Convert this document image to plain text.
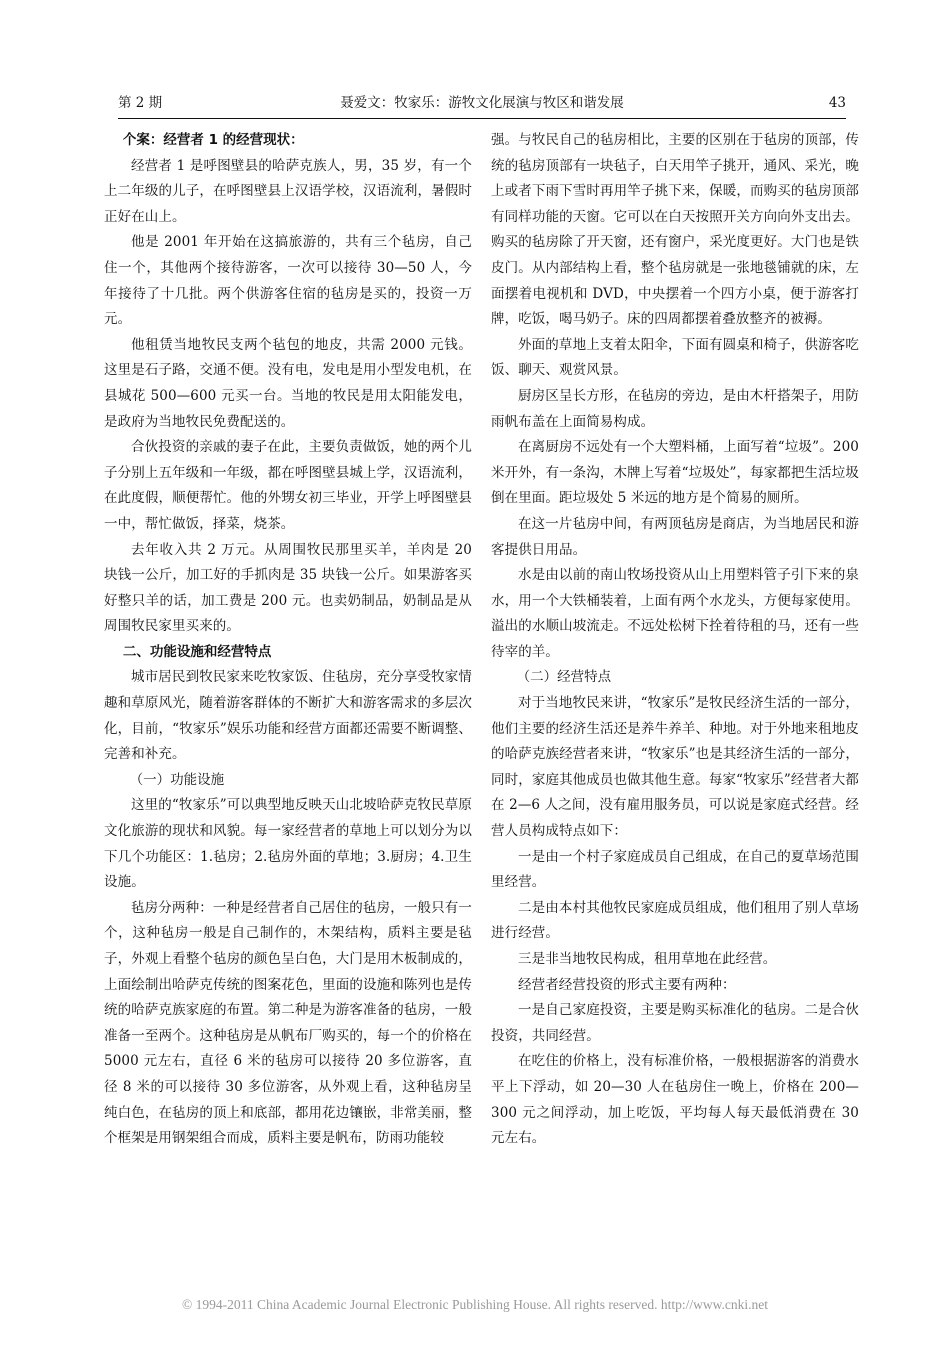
第 2 期	聂爱文：牧家乐：游牧文化展演与牧区和谐发展	43
个案：经营者 1 的经营现状：

经营者 1 是呼图壁县的哈萨克族人，男，35 岁，有一个上二年级的儿子，在呼图壁县上汉语学校，汉语流利，暑假时正好在山上。

他是 2001 年开始在这搞旅游的，共有三个毡房，自己住一个，其他两个接待游客，一次可以接待 30—50 人，今年接待了十几批。两个供游客住宿的毡房是买的，投资一万元。

他租赁当地牧民支两个毡包的地皮，共需 2000 元钱。这里是石子路，交通不便。没有电，发电是用小型发电机，在县城花 500—600 元买一台。当地的牧民是用太阳能发电，是政府为当地牧民免费配送的。

合伙投资的亲戚的妻子在此，主要负责做饭，她的两个儿子分别上五年级和一年级，都在呼图壁县城上学，汉语流利，在此度假，顺便帮忙。他的外甥女初三毕业，开学上呼图壁县一中，帮忙做饭，择菜，烧茶。

去年收入共 2 万元。从周围牧民那里买羊，羊肉是 20 块钱一公斤，加工好的手抓肉是 35 块钱一公斤。如果游客买好整只羊的话，加工费是 200 元。也卖奶制品，奶制品是从周围牧民家里买来的。

二、功能设施和经营特点

城市居民到牧民家来吃牧家饭、住毡房，充分享受牧家情趣和草原风光，随着游客群体的不断扩大和游客需求的多层次化，目前，“牧家乐”娱乐功能和经营方面都还需要不断调整、完善和补充。

（一）功能设施

这里的“牧家乐”可以典型地反映天山北坡哈萨克牧民草原文化旅游的现状和风貌。每一家经营者的草地上可以划分为以下几个功能区：1.毡房；2.毡房外面的草地；3.厨房；4.卫生设施。

毡房分两种：一种是经营者自己居住的毡房，一般只有一个，这种毡房一般是自己制作的，木架结构，质料主要是毡子，外观上看整个毡房的颜色呈白色，大门是用木板制成的，上面绘制出哈萨克传统的图案花色，里面的设施和陈列也是传统的哈萨克族家庭的布置。第二种是为游客准备的毡房，一般准备一至两个。这种毡房是从帆布厂购买的，每一个的价格在 5000 元左右，直径 6 米的毡房可以接待 20 多位游客，直径 8 米的可以接待 30 多位游客，从外观上看，这种毡房呈纯白色，在毡房的顶上和底部，都用花边镶嵌，非常美丽，整个框架是用钢架组合而成，质料主要是帆布，防雨功能较

强。与牧民自己的毡房相比，主要的区别在于毡房的顶部，传统的毡房顶部有一块毡子，白天用竿子挑开，通风、采光，晚上或者下雨下雪时再用竿子挑下来，保暖，而购买的毡房顶部有同样功能的天窗。它可以在白天按照开关方向向外支出去。购买的毡房除了开天窗，还有窗户，采光度更好。大门也是铁皮门。从内部结构上看，整个毡房就是一张地毯铺就的床，左面摆着电视机和 DVD，中央摆着一个四方小桌，便于游客打牌，吃饭，喝马奶子。床的四周都摆着叠放整齐的被褥。

外面的草地上支着太阳伞，下面有圆桌和椅子，供游客吃饭、聊天、观赏风景。

厨房区呈长方形，在毡房的旁边，是由木杆搭架子，用防雨帆布盖在上面简易构成。

在离厨房不远处有一个大塑料桶，上面写着“垃圾”。200 米开外，有一条沟，木牌上写着“垃圾处”，每家都把生活垃圾倒在里面。距垃圾处 5 米远的地方是个简易的厕所。

在这一片毡房中间，有两顶毡房是商店，为当地居民和游客提供日用品。

水是由以前的南山牧场投资从山上用塑料管子引下来的泉水，用一个大铁桶装着，上面有两个水龙头，方便每家使用。溢出的水顺山坡流走。不远处松树下拴着待租的马，还有一些待宰的羊。

（二）经营特点

对于当地牧民来讲，“牧家乐”是牧民经济生活的一部分，他们主要的经济生活还是养牛养羊、种地。对于外地来租地皮的哈萨克族经营者来讲，“牧家乐”也是其经济生活的一部分，同时，家庭其他成员也做其他生意。每家“牧家乐”经营者大都在 2—6 人之间，没有雇用服务员，可以说是家庭式经营。经营人员构成特点如下：

一是由一个村子家庭成员自己组成，在自己的夏草场范围里经营。

二是由本村其他牧民家庭成员组成，他们租用了别人草场进行经营。

三是非当地牧民构成，租用草地在此经营。

经营者经营投资的形式主要有两种：

一是自己家庭投资，主要是购买标准化的毡房。二是合伙投资，共同经营。

在吃住的价格上，没有标准价格，一般根据游客的消费水平上下浮动，如 20—30 人在毡房住一晚上，价格在 200—300 元之间浮动，加上吃饭，平均每人每天最低消费在 30 元左右。

© 1994-2011 China Academic Journal Electronic Publishing House. All rights reserved. http://www.cnki.net
